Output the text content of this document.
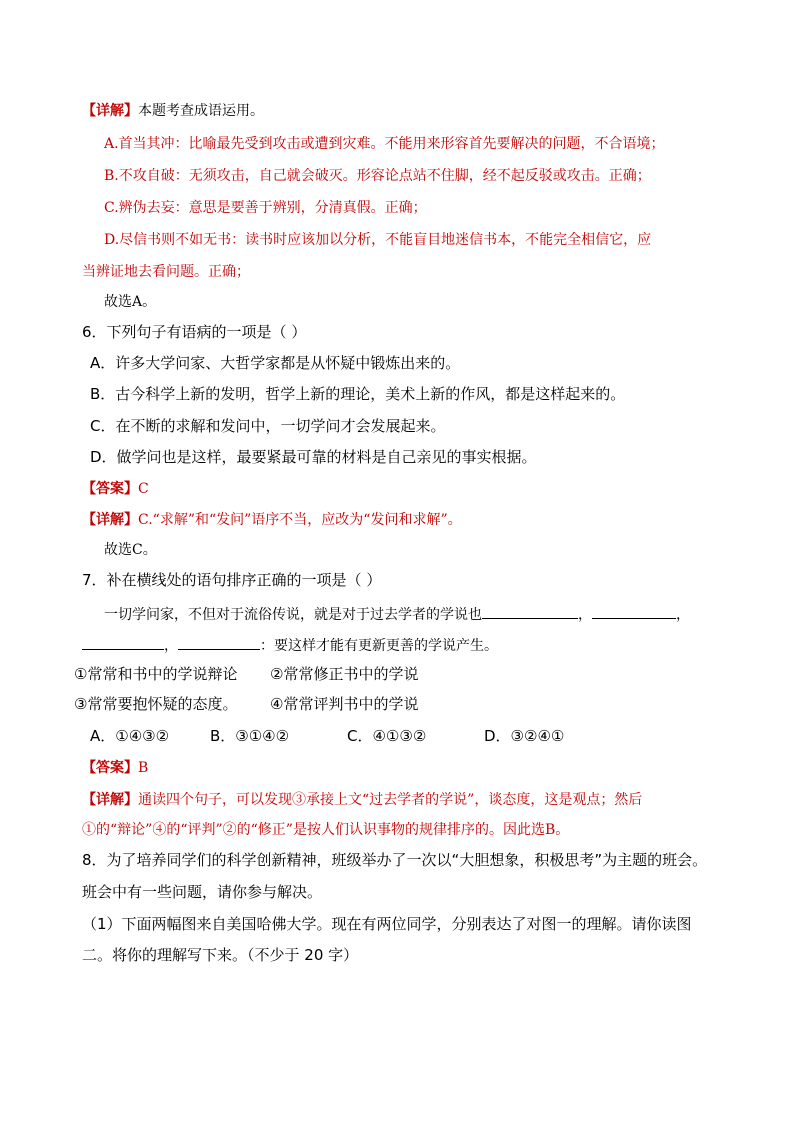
【详解】本题考查成语运用。
A.首当其冲：比喻最先受到攻击或遭到灾难。不能用来形容首先要解决的问题，不合语境；
B.不攻自破：无须攻击，自己就会破灭。形容论点站不住脚，经不起反驳或攻击。正确；
C.辨伪去妄：意思是要善于辨别，分清真假。正确；
D.尽信书则不如无书：读书时应该加以分析，不能盲目地迷信书本，不能完全相信它，应
当辨证地去看问题。正确；
故选A。
6．下列句子有语病的一项是（ ）
A．许多大学问家、大哲学家都是从怀疑中锻炼出来的。
B．古今科学上新的发明，哲学上新的理论，美术上新的作风，都是这样起来的。
C．在不断的求解和发问中，一切学问才会发展起来。
D．做学问也是这样，最要紧最可靠的材料是自己亲见的事实根据。
【答案】C
【详解】C.“求解”和“发问”语序不当，应改为“发问和求解”。
故选C。
7．补在横线处的语句排序正确的一项是（ ）
一切学问家，不但对于流俗传说，就是对于过去学者的学说也	，	，
，	：要这样才能有更新更善的学说产生。
①常常和书中的学说辩论 ②常常修正书中的学说
③常常要抱怀疑的态度。 ④常常评判书中的学说
A．①④③②	B．③①④②	C．④①③②	D．③②④①
【答案】B
【详解】通读四个句子，可以发现③承接上文“过去学者的学说”，谈态度，这是观点；然后
①的“辩论”④的“评判”②的“修正”是按人们认识事物的规律排序的。因此选B。
8．为了培养同学们的科学创新精神，班级举办了一次以“大胆想象，积极思考”为主题的班会。
班会中有一些问题，请你参与解决。
（1）下面两幅图来自美国哈佛大学。现在有两位同学，分别表达了对图一的理解。请你读图
二。将你的理解写下来。（不少于 20 字）
